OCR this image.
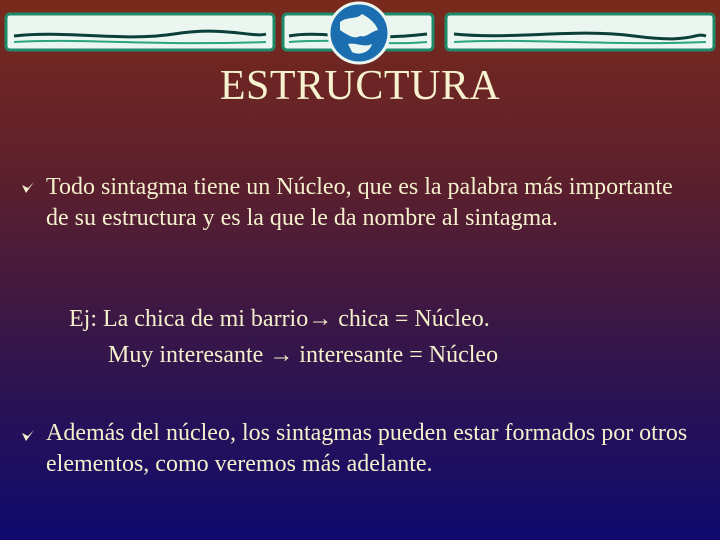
ESTRUCTURA
Todo sintagma tiene un Núcleo, que es la palabra más importante de su estructura y es la que le da nombre al sintagma.
Ej: La chica de mi barrio→ chica = Núcleo.
Muy interesante → interesante = Núcleo
Además del núcleo, los sintagmas pueden estar formados por otros elementos, como veremos más adelante.
